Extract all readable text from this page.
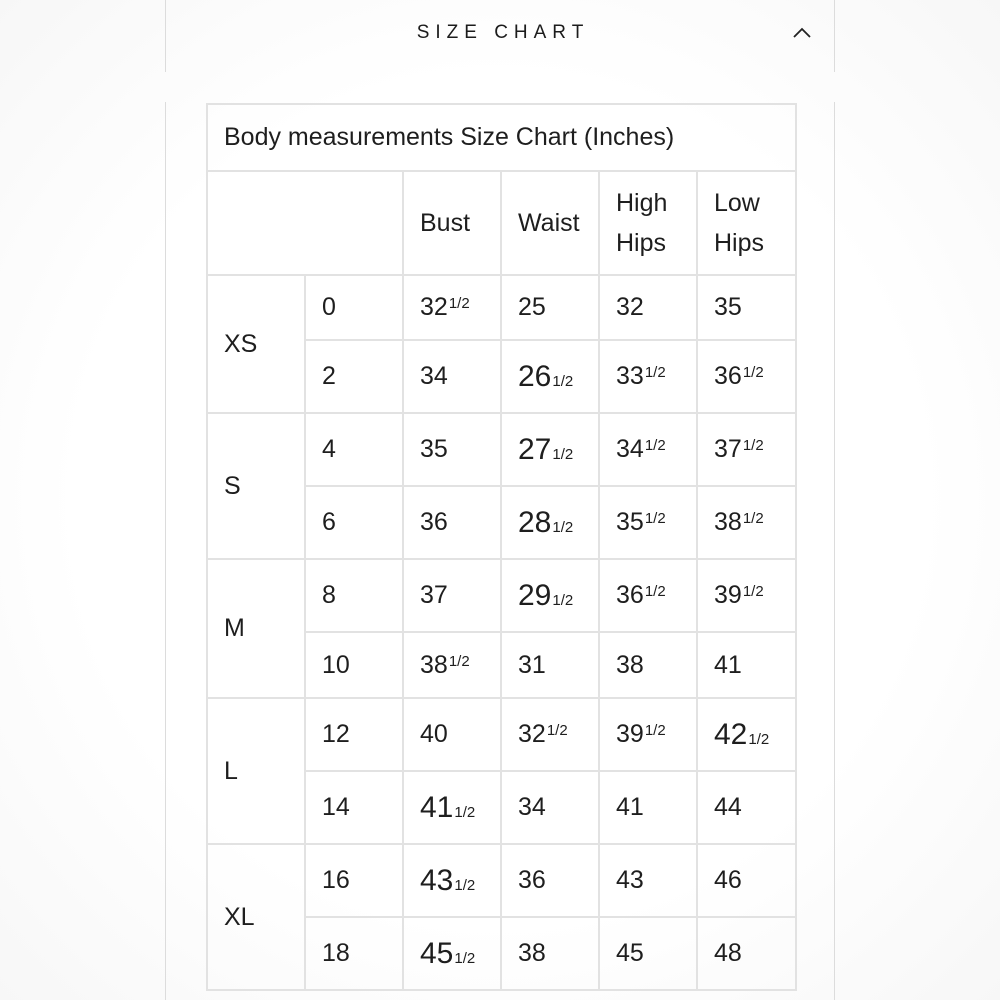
SIZE CHART
Body measurements Size Chart (Inches)					
		Bust	Waist	High Hips	Low Hips
XS	0	$32^{1/2}$	25	32	35
	2	34	261/2	$33^{1/2}$	$36^{1/2}$
S	4	35	271/2	$34^{1/2}$	$37^{1/2}$
	6	36	281/2	$35^{1/2}$	$38^{1/2}$
M	8	37	291/2	$36^{1/2}$	$39^{1/2}$
	10	$38^{1/2}$	31	38	41
L	12	40	$32^{1/2}$	$39^{1/2}$	421/2
	14	411/2	34	41	44
XL	16	431/2	36	43	46
	18	451/2	38	45	48
